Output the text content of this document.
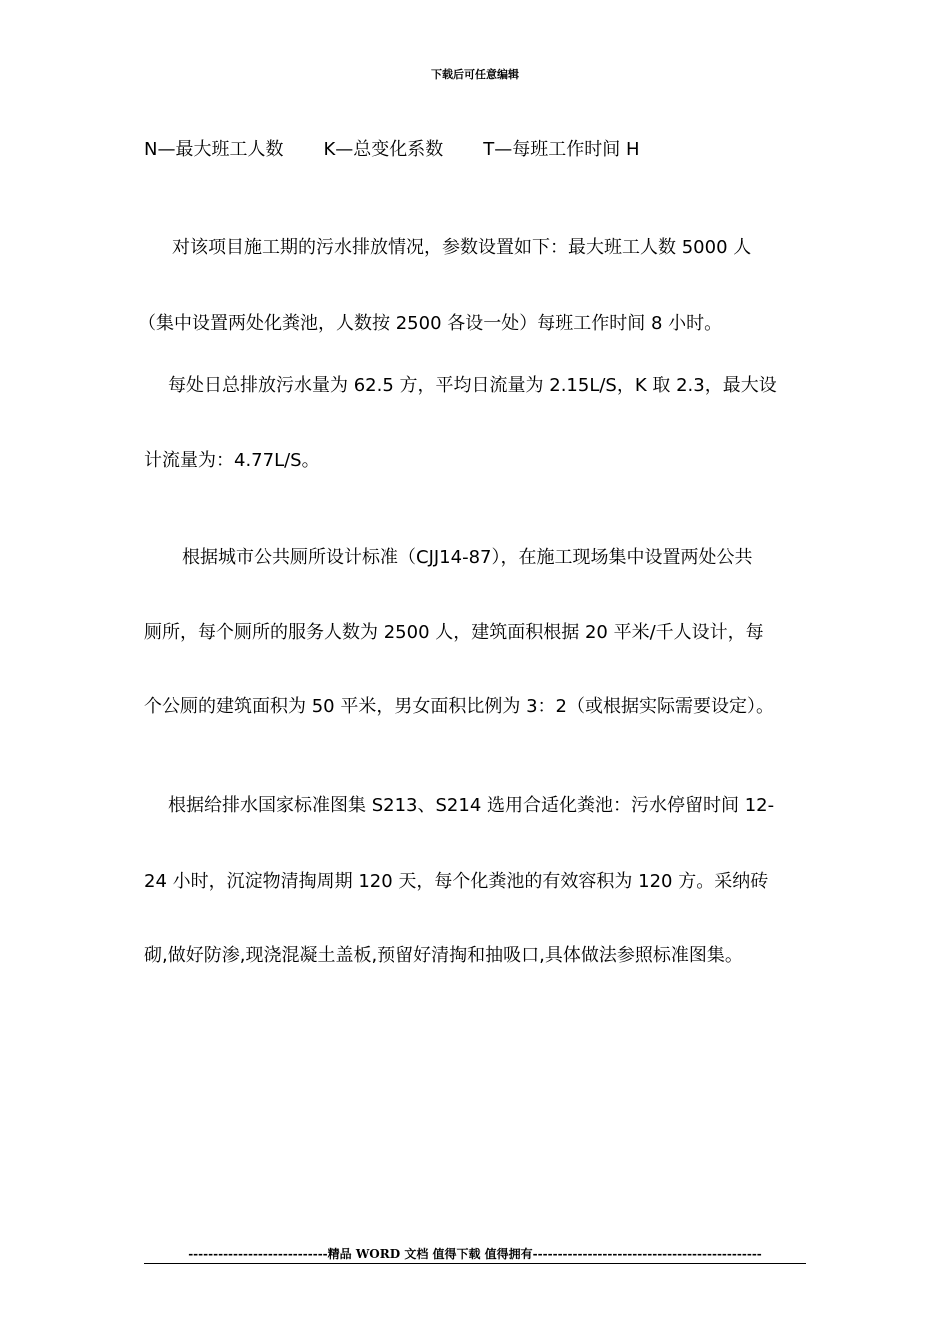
下载后可任意编辑
N—最大班工人数 K—总变化系数 T—每班工作时间 H
对该项目施工期的污水排放情况，参数设置如下：最大班工人数 5000 人
（集中设置两处化粪池，人数按 2500 各设一处）每班工作时间 8 小时。
每处日总排放污水量为 62.5 方，平均日流量为 2.15L/S，K 取 2.3，最大设
计流量为：4.77L/S。
根据城市公共厕所设计标准（CJJ14-87），在施工现场集中设置两处公共
厕所，每个厕所的服务人数为 2500 人，建筑面积根据 20 平米/千人设计，每
个公厕的建筑面积为 50 平米，男女面积比例为 3：2（或根据实际需要设定）。
根据给排水国家标准图集 S213、S214 选用合适化粪池：污水停留时间 12-
24 小时，沉淀物清掏周期 120 天，每个化粪池的有效容积为 120 方。采纳砖
砌,做好防渗,现浇混凝土盖板,预留好清掏和抽吸口,具体做法参照标准图集。
----------------------------精品 WORD 文档 值得下载 值得拥有----------------------------------------------
